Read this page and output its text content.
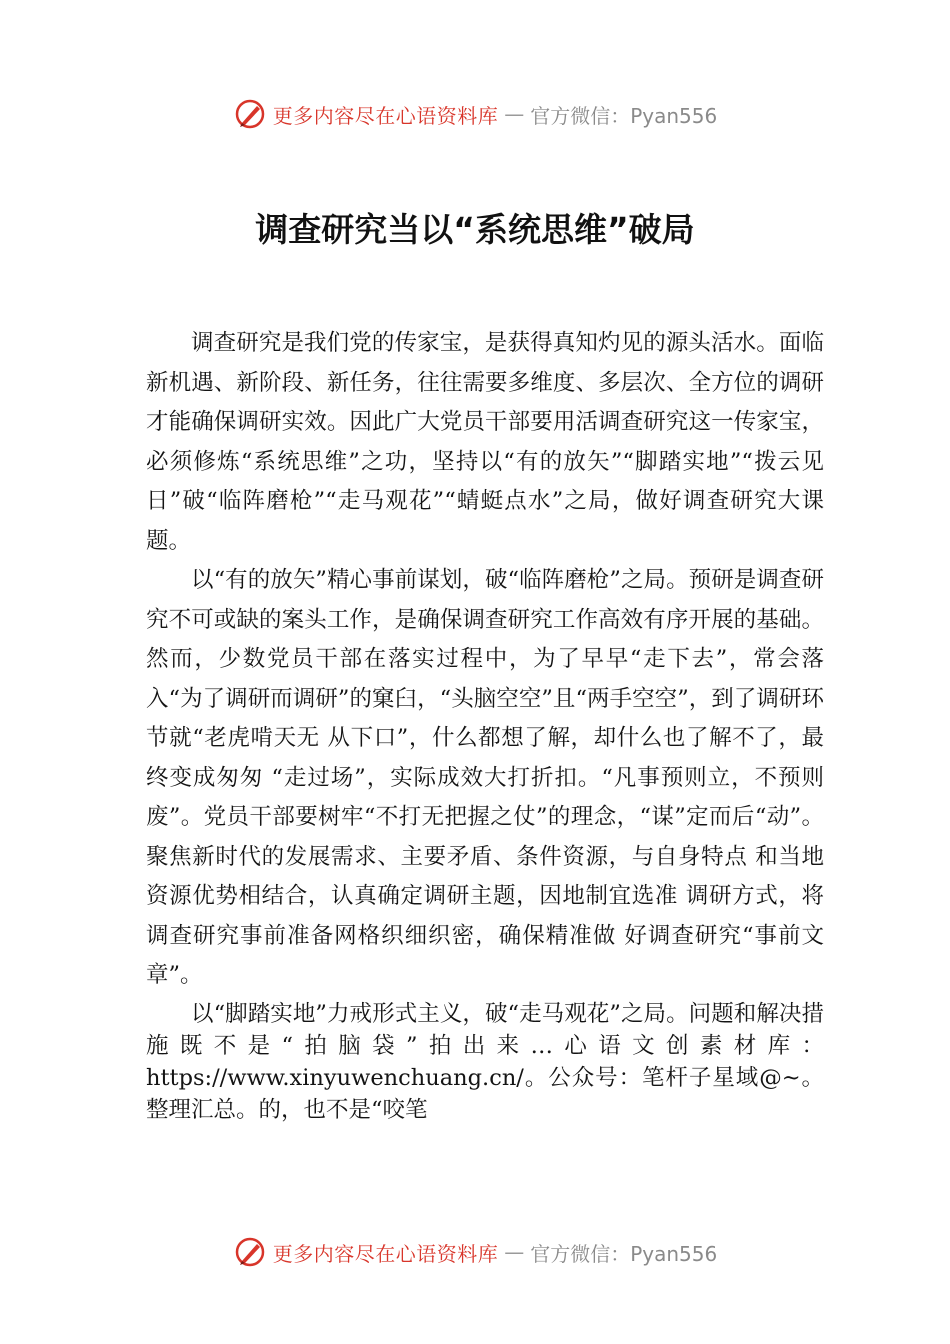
更多内容尽在心语资料库 — 官方微信：Pyan556
调查研究当以“系统思维”破局

调查研究是我们党的传家宝，是获得真知灼见的源头活水。面临新机遇、新阶段、新任务，往往需要多维度、多层次、全方位的调研才能确保调研实效。因此广大党员干部要用活调查研究这一传家宝，必须修炼“系统思维”之功，坚持以“有的放矢”“脚踏实地”“拨云见日”破“临阵磨枪”“走马观花”“蜻蜓点水”之局，做好调查研究大课题。

以“有的放矢”精心事前谋划，破“临阵磨枪”之局。预研是调查研究不可或缺的案头工作，是确保调查研究工作高效有序开展的基础。然而，少数党员干部在落实过程中，为了早早“走下去”，常会落入“为了调研而调研”的窠臼，“头脑空空”且“两手空空”，到了调研环节就“老虎啃天无 从下口”，什么都想了解，却什么也了解不了，最终变成匆匆 “走过场”，实际成效大打折扣。“凡事预则立，不预则废”。党员干部要树牢“不打无把握之仗”的理念，“谋”定而后“动”。聚焦新时代的发展需求、主要矛盾、条件资源，与自身特点 和当地资源优势相结合，认真确定调研主题，因地制宜选准 调研方式，将调查研究事前准备网格织细织密，确保精准做 好调查研究“事前文章”。

以“脚踏实地”力戒形式主义，破“走马观花”之局。问题和解决措施既不是“拍脑袋”拍出来…心语文创素材库：https://www.xinyuwenchuang.cn/。公众号：笔杆子星域@~。整理汇总。的，也不是“咬笔

更多内容尽在心语资料库 — 官方微信：Pyan556
